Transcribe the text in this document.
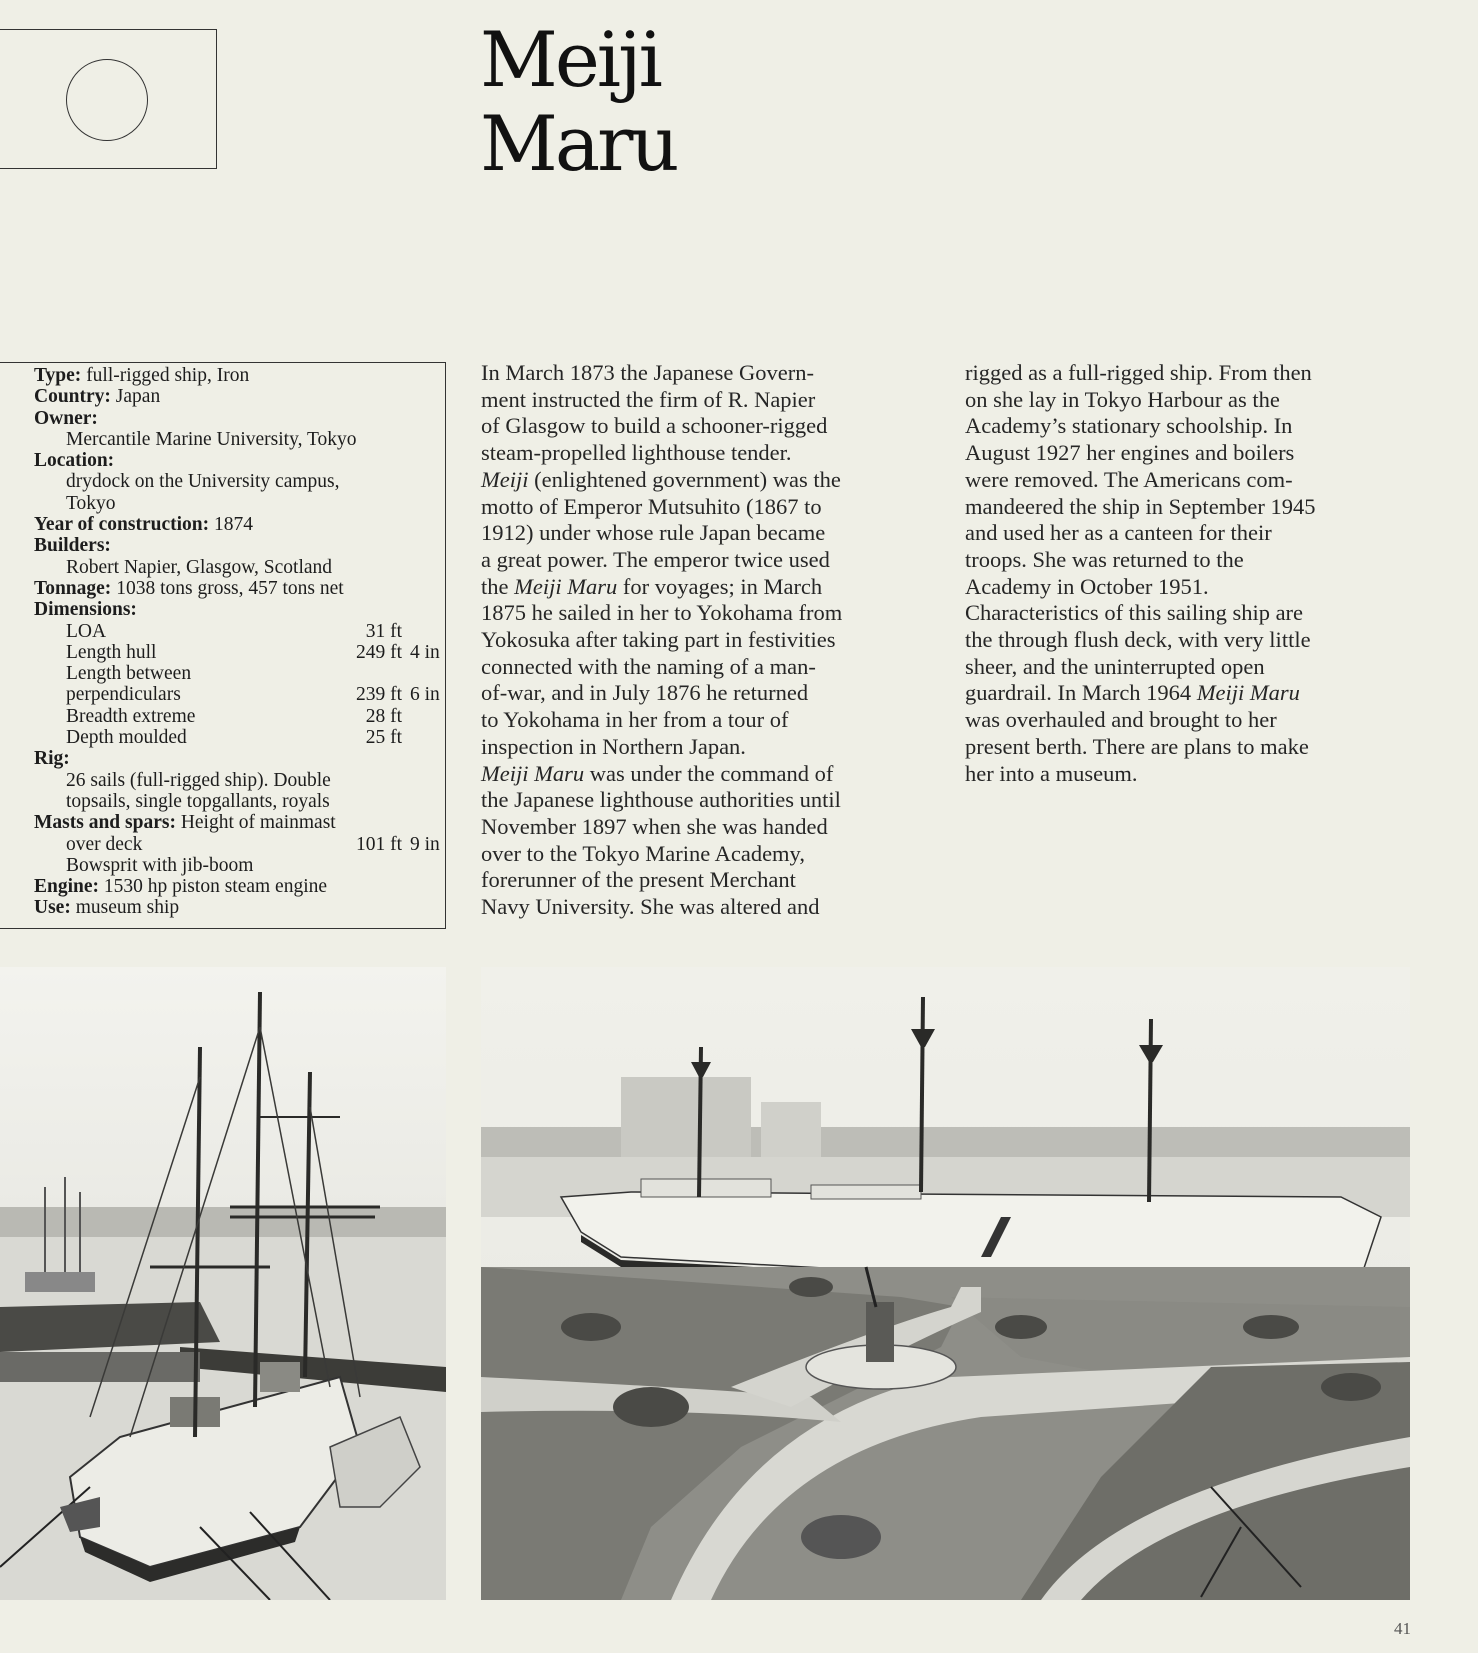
Meiji
Maru
Type: full-rigged ship, Iron
Country: Japan
Owner:
Mercantile Marine University, Tokyo
Location:
drydock on the University campus,
Tokyo
Year of construction: 1874
Builders:
Robert Napier, Glasgow, Scotland
Tonnage: 1038 tons gross, 457 tons net
Dimensions:
LOA	31 ft
Length hull	249 ft 4 in
Length between
perpendiculars	239 ft 6 in
Breadth extreme	28 ft
Depth moulded	25 ft
Rig:
26 sails (full-rigged ship). Double
topsails, single topgallants, royals
Masts and spars: Height of mainmast
over deck	101 ft 9 in
Bowsprit with jib-boom
Engine: 1530 hp piston steam engine
Use: museum ship

In March 1873 the Japanese Govern-

ment instructed the firm of R. Napier

of Glasgow to build a schooner-rigged

steam-propelled lighthouse tender.

Meiji (enlightened government) was the

motto of Emperor Mutsuhito (1867 to

1912) under whose rule Japan became

a great power. The emperor twice used

the Meiji Maru for voyages; in March

1875 he sailed in her to Yokohama from

Yokosuka after taking part in festivities

connected with the naming of a man-

of-war, and in July 1876 he returned

to Yokohama in her from a tour of

inspection in Northern Japan.

Meiji Maru was under the command of

the Japanese lighthouse authorities until

November 1897 when she was handed

over to the Tokyo Marine Academy,

forerunner of the present Merchant

Navy University. She was altered and

rigged as a full-rigged ship. From then

on she lay in Tokyo Harbour as the

Academy’s stationary schoolship. In

August 1927 her engines and boilers

were removed. The Americans com-

mandeered the ship in September 1945

and used her as a canteen for their

troops. She was returned to the

Academy in October 1951.

Characteristics of this sailing ship are

the through flush deck, with very little

sheer, and the uninterrupted open

guardrail. In March 1964 Meiji Maru

was overhauled and brought to her

present berth. There are plans to make

her into a museum.

41
